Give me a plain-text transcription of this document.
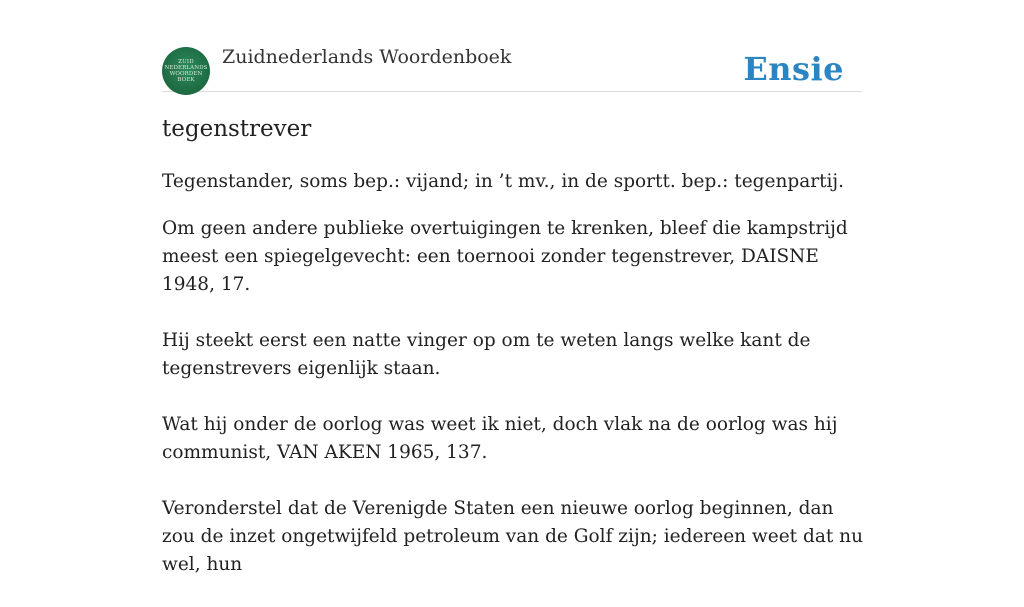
ZUID
NEDERLANDS
WOORDEN
BOEK
Zuidnederlands Woordenboek	Ensie
tegenstrever

Tegenstander, soms bep.: vijand; in ’t mv., in de sportt. bep.: tegenpartij.

Om geen andere publieke overtuigingen te krenken, bleef die kampstrijd meest een spiegelgevecht: een toernooi zonder tegenstrever, DAISNE 1948, 17.

Hij steekt eerst een natte vinger op om te weten langs welke kant de tegenstrevers eigenlijk staan.

Wat hij onder de oorlog was weet ik niet, doch vlak na de oorlog was hij communist, VAN AKEN 1965, 137.

Veronderstel dat de Verenigde Staten een nieuwe oorlog beginnen, dan zou de inzet ongetwijfeld petroleum van de Golf zijn; iedereen weet dat nu wel, hun
